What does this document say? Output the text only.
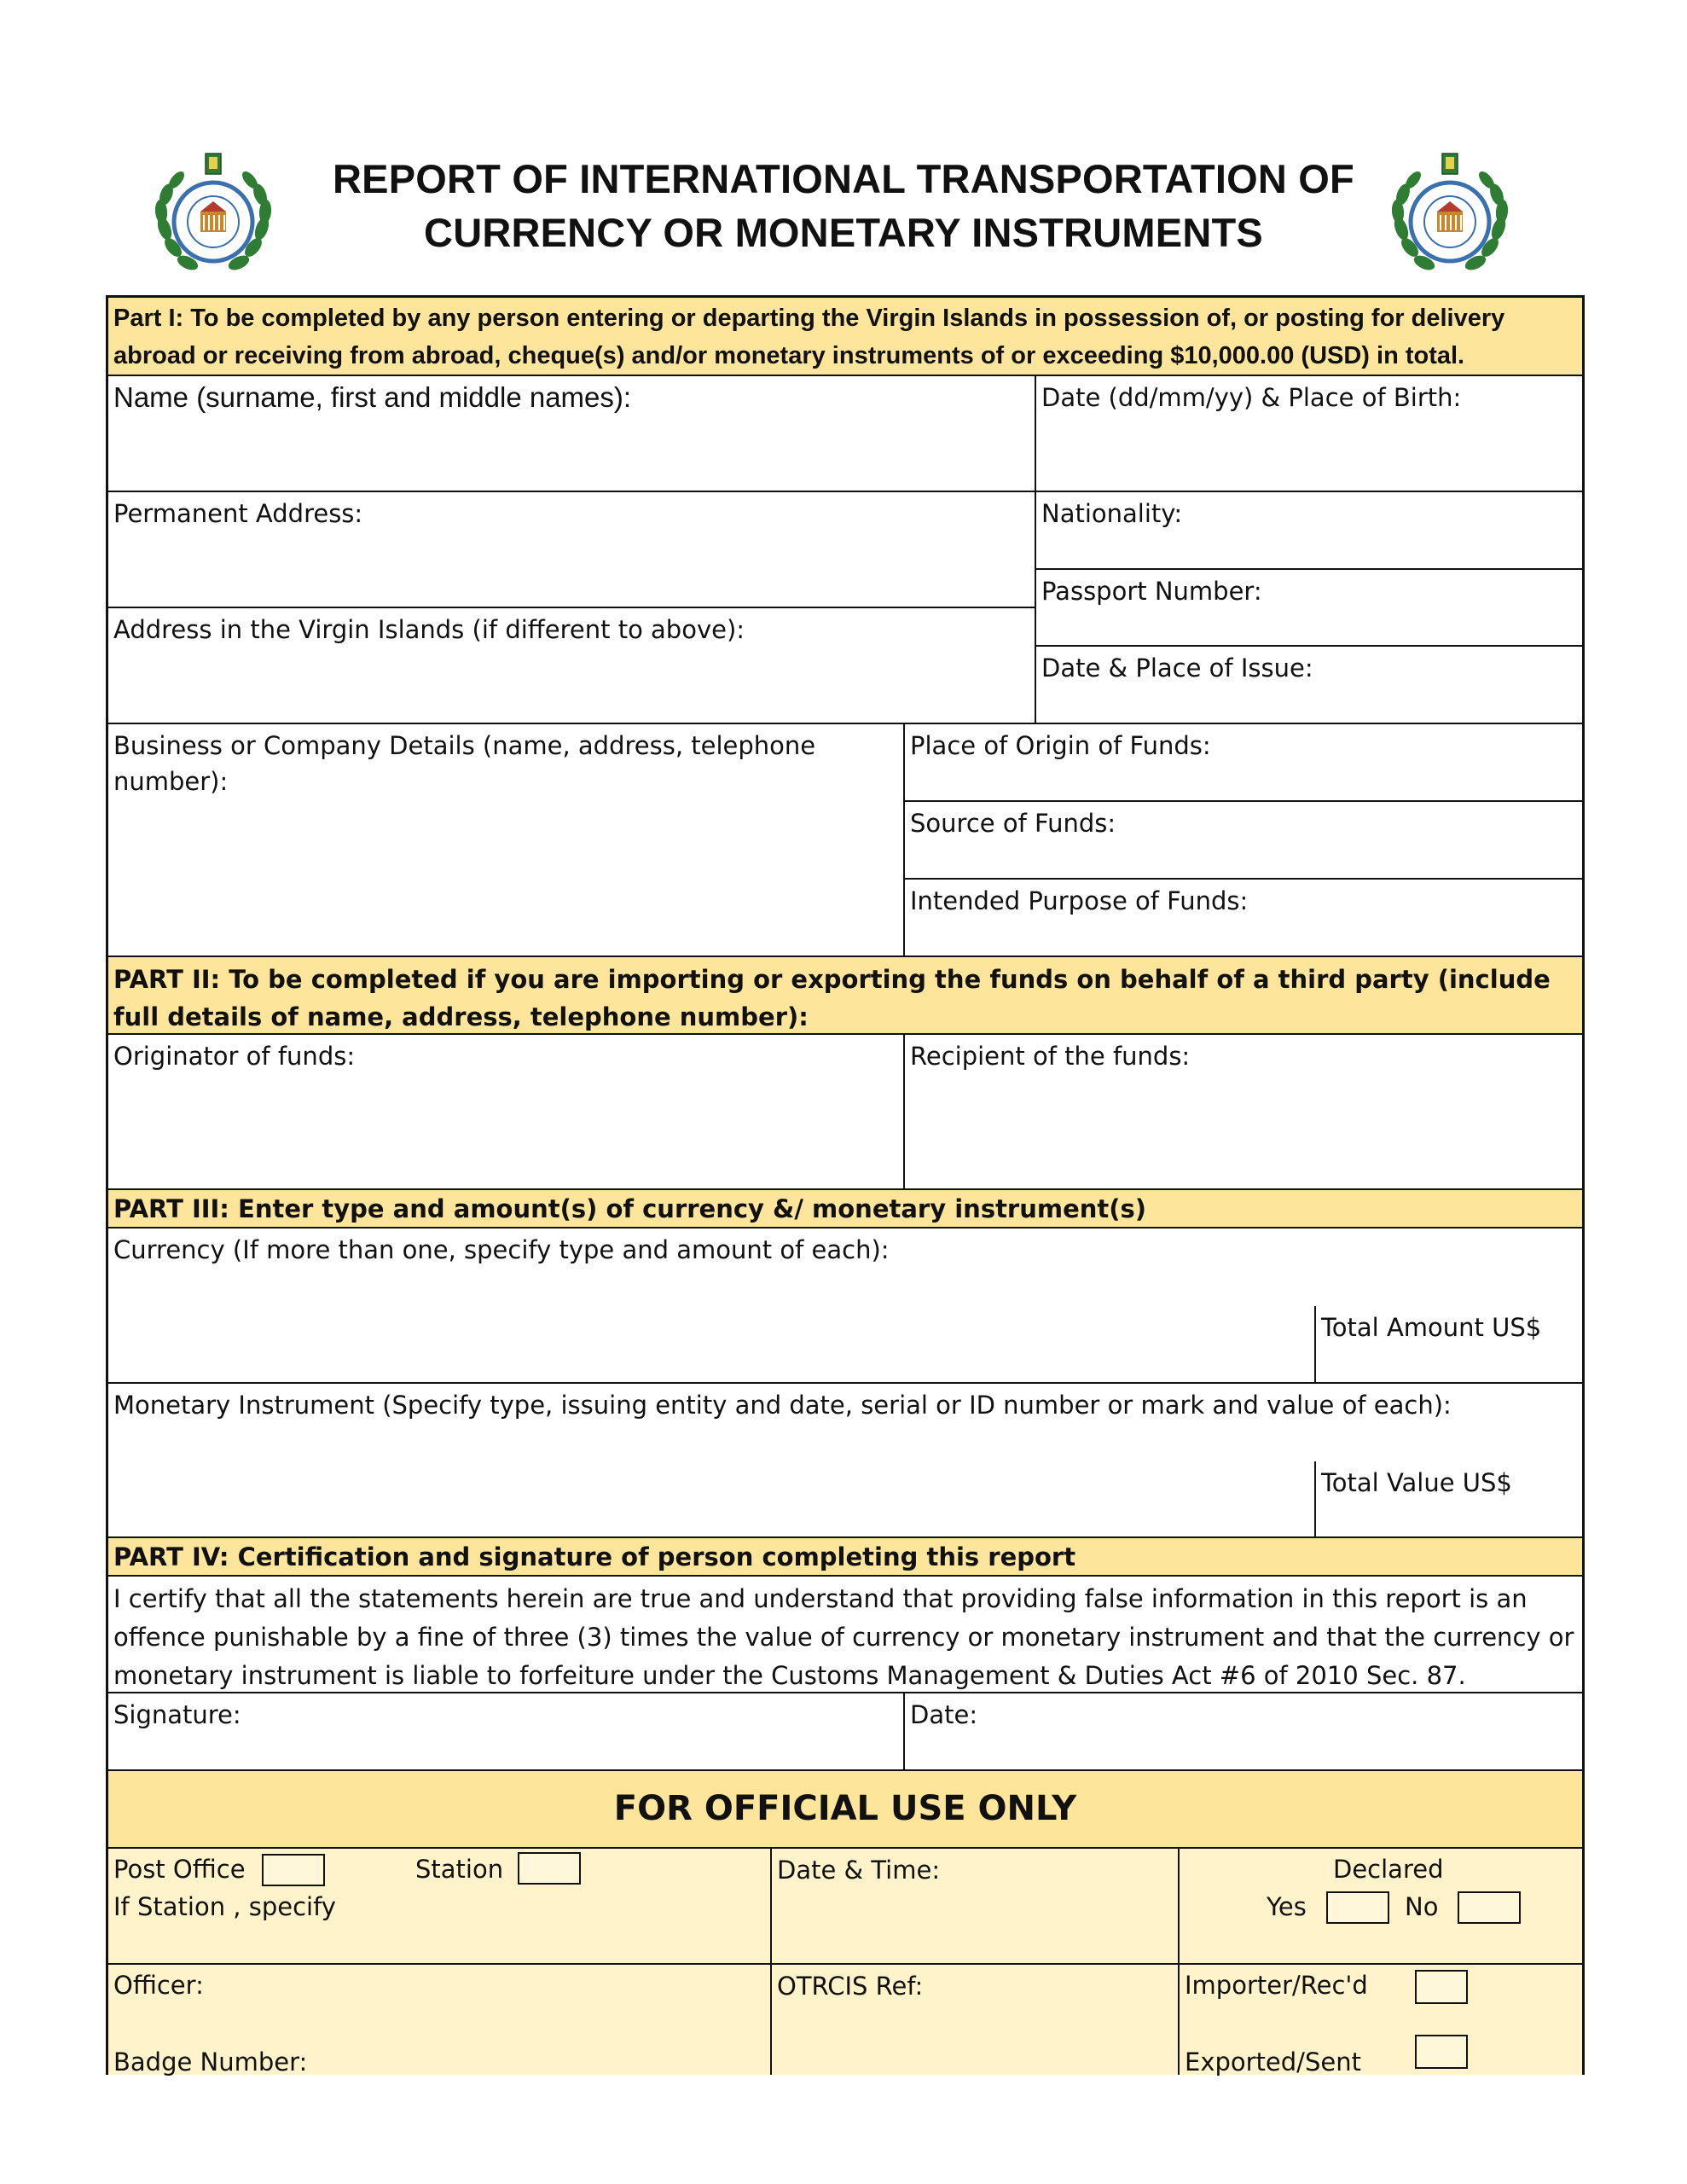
REPORT OF INTERNATIONAL TRANSPORTATION OF
CURRENCY OR MONETARY INSTRUMENTS
Part I: To be completed by any person entering or departing the Virgin Islands in possession of, or posting for delivery abroad or receiving from abroad, cheque(s) and/or monetary instruments of or exceeding $10,000.00 (USD) in total.
Name (surname, first and middle names):	Date (dd/mm/yy) & Place of Birth:
Permanent Address:	Nationality:
Passport Number:
Address in the Virgin Islands (if different to above):
Date & Place of Issue:
Business or Company Details (name, address, telephone number):
Place of Origin of Funds:
Source of Funds:
Intended Purpose of Funds:
PART II: To be completed if you are importing or exporting the funds on behalf of a third party (include full details of name, address, telephone number):
Originator of funds:	Recipient of the funds:
PART III: Enter type and amount(s) of currency &/ monetary instrument(s)
Currency (If more than one, specify type and amount of each):
Total Amount US$
Monetary Instrument (Specify type, issuing entity and date, serial or ID number or mark and value of each):
Total Value US$
PART IV: Certification and signature of person completing this report
I certify that all the statements herein are true and understand that providing false information in this report is an offence punishable by a fine of three (3) times the value of currency or monetary instrument and that the currency or monetary instrument is liable to forfeiture under the Customs Management & Duties Act #6 of 2010 Sec. 87.
Signature:	Date:
FOR OFFICIAL USE ONLY
Post Office	Station
If Station , specify
Date & Time:	Declared
Yes	No
Officer:
Badge Number:
OTRCIS Ref:	Importer/Rec'd
Exported/Sent
